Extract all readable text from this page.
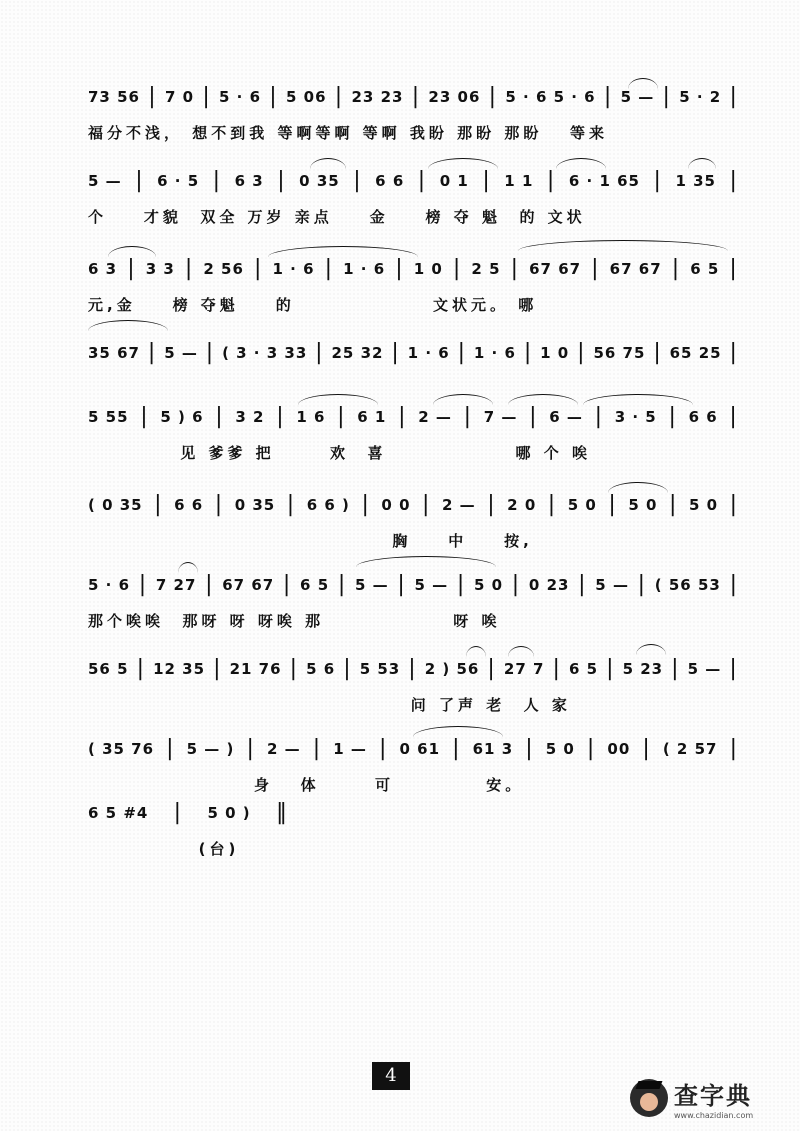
73 56 | 7 0 | 5 · 6 | 5 06 | 23 23 | 23 06 | 5 · 6 5 · 6 | 5 — | 5 · 2 |
福分不浅， 想不到我 等啊等啊 等啊 我盼 那盼 那盼   等来
5 — | 6 · 5 | 6 3 | 0 35 | 6 6 | 0 1 | 1 1 | 6 · 1 65 | 1 35 |
个    才貌  双全 万岁 亲点    金    榜 夺 魁  的 文状
6 3 | 3 3 | 2 56 | 1 · 6 | 1 · 6 | 1 0 | 2 5 | 67 67 | 67 67 | 6 5 |
元,金    榜 夺魁    的               文状元。 哪
35 67 | 5 — | ( 3 · 3 33 | 25 32 | 1 · 6 | 1 · 6 | 1 0 | 56 75 | 65 25 |
5 55 | 5 ) 6 | 3 2 | 1 6 | 6 1 | 2 — | 7 — | 6 — | 3 · 5 | 6 6 |
见 爹爹 把      欢  喜              哪 个 唉
( 0 35 | 6 6 | 0 35 | 6 6 ) | 0 0 | 2 — | 2 0 | 5 0 | 5 0 | 5 0 |
胸    中    按,
5 · 6 | 7 27 | 67 67 | 6 5 | 5 — | 5 — | 5 0 | 0 23 | 5 — | ( 56 53 |
那个唉唉  那呀 呀 呀唉 那              呀 唉
56 5 | 12 35 | 21 76 | 5 6 | 5 53 | 2 ) 56 | 27 7 | 6 5 | 5 23 | 5 — |
问 了声 老  人 家
( 35 76 | 5 — ) | 2 — | 1 — | 0 61 | 61 3 | 5 0 | 00 | ( 2 57 |
身   体      可          安。
6 5 #4 | 5 0 ) ‖
(台)
4
查字典
www.chazidian.com
